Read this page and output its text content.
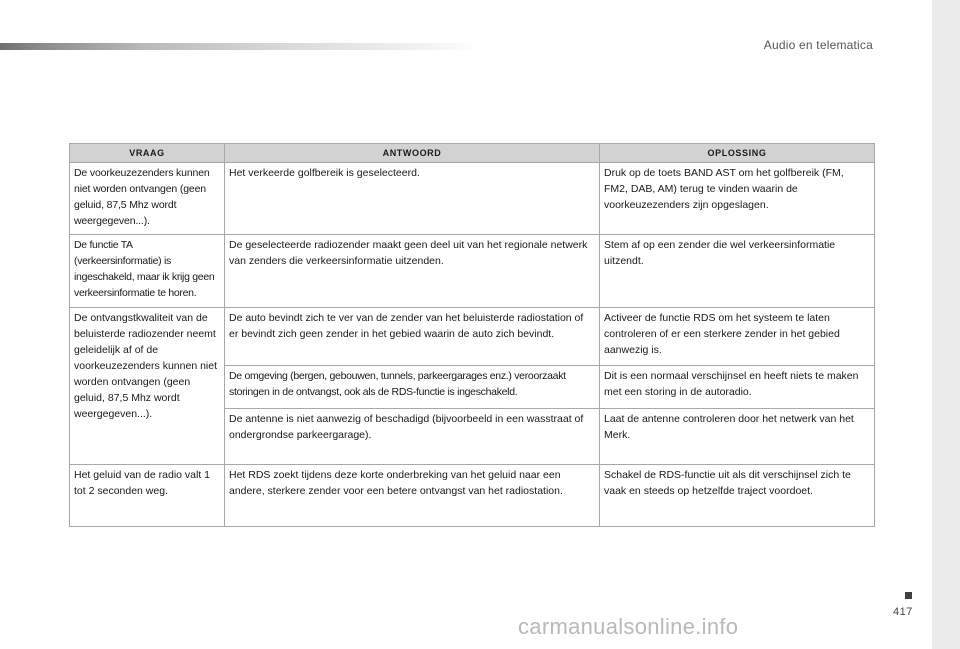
Audio en telematica
VRAAG	ANTWOORD	OPLOSSING
De voorkeuzezenders kunnen niet worden ontvangen (geen geluid, 87,5 Mhz wordt weergegeven...).	Het verkeerde golfbereik is geselecteerd.	Druk op de toets BAND AST om het golfbereik (FM, FM2, DAB, AM) terug te vinden waarin de voorkeuzezenders zijn opgeslagen.
De functie TA (verkeersinformatie) is ingeschakeld, maar ik krijg geen verkeersinformatie te horen.	De geselecteerde radiozender maakt geen deel uit van het regionale netwerk van zenders die verkeersinformatie uitzenden.	Stem af op een zender die wel verkeersinformatie uitzendt.
De ontvangstkwaliteit van de beluisterde radiozender neemt geleidelijk af of de voorkeuzezenders kunnen niet worden ontvangen (geen geluid, 87,5 Mhz wordt weergegeven...).	De auto bevindt zich te ver van de zender van het beluisterde radiostation of er bevindt zich geen zender in het gebied waarin de auto zich bevindt.	Activeer de functie RDS om het systeem te laten controleren of er een sterkere zender in het gebied aanwezig is.
	De omgeving (bergen, gebouwen, tunnels, parkeergarages enz.) veroorzaakt storingen in de ontvangst, ook als de RDS-functie is ingeschakeld.	Dit is een normaal verschijnsel en heeft niets te maken met een storing in de autoradio.
	De antenne is niet aanwezig of beschadigd (bijvoorbeeld in een wasstraat of ondergrondse parkeergarage).	Laat de antenne controleren door het netwerk van het Merk.
Het geluid van de radio valt 1 tot 2 seconden weg.	Het RDS zoekt tijdens deze korte onderbreking van het geluid naar een andere, sterkere zender voor een betere ontvangst van het radiostation.	Schakel de RDS-functie uit als dit verschijnsel zich te vaak en steeds op hetzelfde traject voordoet.
417
carmanualsonline.info
